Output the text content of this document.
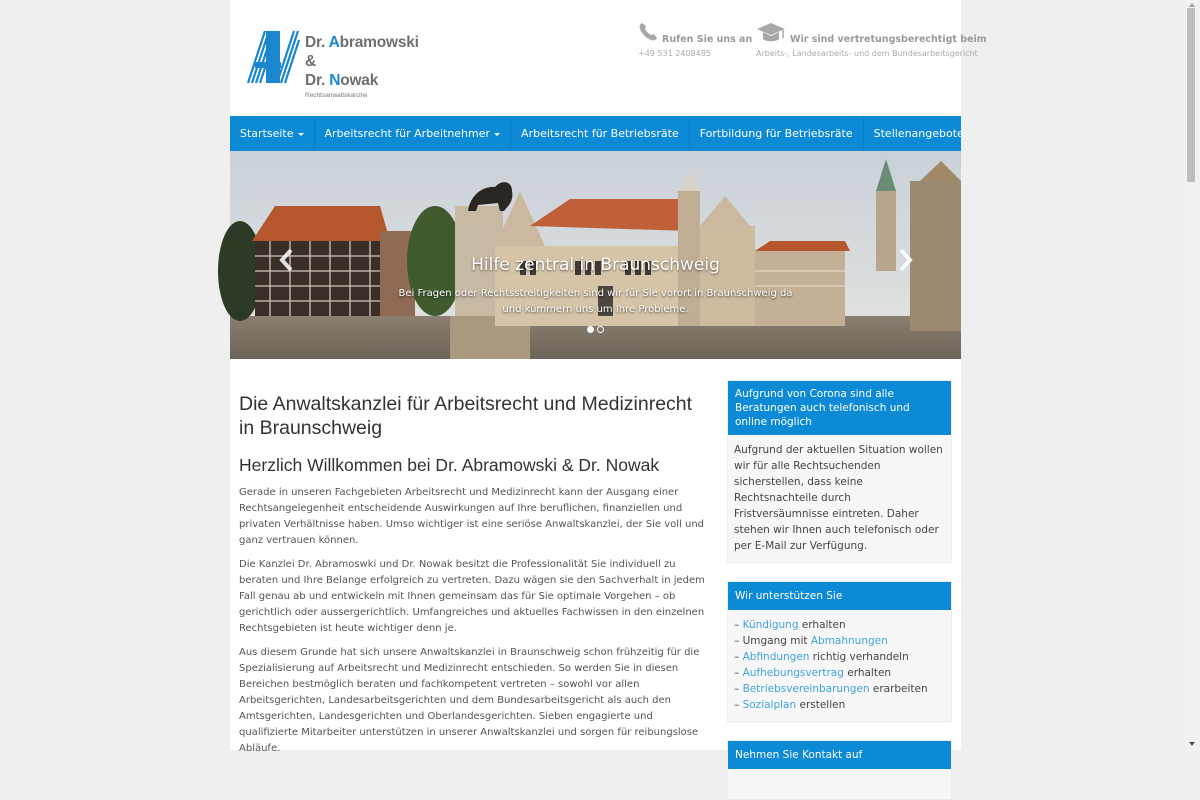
Dr. Abramowski &
Dr. Nowak
Rechtsanwaltskanzlei
Rufen Sie uns an
+49 531 2408485
Wir sind vertretungsberechtigt beim
Arbeits-, Landesarbeits- und dem Bundesarbeitsgericht
Startseite	Arbeitsrecht für Arbeitnehmer	Arbeitsrecht für Betriebsräte Fortbildung für Betriebsräte Stellenangebote
Hilfe zentral in Braunschweig
Bei Fragen oder Rechtsstreitigkeiten sind wir für Sie vorort in Braunschweig da und kümmern uns um Ihre Probleme.
Die Anwaltskanzlei für Arbeitsrecht und Medizinrecht in Braunschweig
Herzlich Willkommen bei Dr. Abramowski & Dr. Nowak

Gerade in unseren Fachgebieten Arbeitsrecht und Medizinrecht kann der Ausgang einer Rechtsangelegenheit entscheidende Auswirkungen auf Ihre beruflichen, finanziellen und privaten Verhältnisse haben. Umso wichtiger ist eine seriöse Anwaltskanzlei, der Sie voll und ganz vertrauen können.

Die Kanzlei Dr. Abramoswki und Dr. Nowak besitzt die Professionalität Sie individuell zu beraten und Ihre Belange erfolgreich zu vertreten. Dazu wägen sie den Sachverhalt in jedem Fall genau ab und entwickeln mit Ihnen gemeinsam das für Sie optimale Vorgehen – ob gerichtlich oder aussergerichtlich. Umfangreiches und aktuelles Fachwissen in den einzelnen Rechtsgebieten ist heute wichtiger denn je.

Aus diesem Grunde hat sich unsere Anwaltskanzlei in Braunschweig schon frühzeitig für die Spezialisierung auf Arbeitsrecht und Medizinrecht entschieden. So werden Sie in diesen Bereichen bestmöglich beraten und fachkompetent vertreten – sowohl vor allen Arbeitsgerichten, Landesarbeitsgerichten und dem Bundesarbeitsgericht als auch den Amtsgerichten, Landesgerichten und Oberlandesgerichten. Sieben engagierte und qualifizierte Mitarbeiter unterstützen in unserer Anwaltskanzlei und sorgen für reibungslose Abläufe.

Aufgrund von Corona sind alle Beratungen auch telefonisch und online möglich
Aufgrund der aktuellen Situation wollen wir für alle Rechtsuchenden sicherstellen, dass keine Rechtsnachteile durch Fristversäumnisse eintreten. Daher stehen wir Ihnen auch telefonisch oder per E-Mail zur Verfügung.
Wir unterstützen Sie
– Kündigung erhalten
– Umgang mit Abmahnungen
– Abfindungen richtig verhandeln
– Aufhebungsvertrag erhalten
– Betriebsvereinbarungen erarbeiten
– Sozialplan erstellen
Nehmen Sie Kontakt auf
